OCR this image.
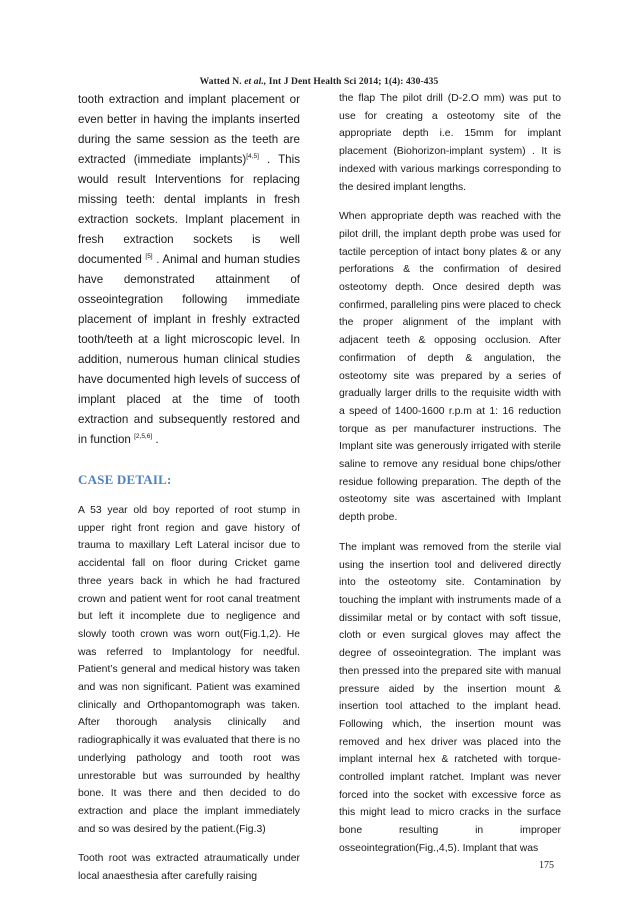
Watted N. et al., Int J Dent Health Sci 2014; 1(4): 430-435

tooth extraction and implant placement or even better in having the implants inserted during the same session as the teeth are extracted (immediate implants)[4,5] . This would result Interventions for replacing missing teeth: dental implants in fresh extraction sockets. Implant placement in fresh extraction sockets is well documented [5] . Animal and human studies have demonstrated attainment of osseointegration following immediate placement of implant in freshly extracted tooth/teeth at a light microscopic level. In addition, numerous human clinical studies have documented high levels of success of implant placed at the time of tooth extraction and subsequently restored and in function [2,5,6] .

CASE DETAIL:

A 53 year old boy reported of root stump in upper right front region and gave history of trauma to maxillary Left Lateral incisor due to accidental fall on floor during Cricket game three years back in which he had fractured crown and patient went for root canal treatment but left it incomplete due to negligence and slowly tooth crown was worn out(Fig.1,2). He was referred to Implantology for needful. Patient’s general and medical history was taken and was non significant. Patient was examined clinically and Orthopantomograph was taken. After thorough analysis clinically and radiographically it was evaluated that there is no underlying pathology and tooth root was unrestorable but was surrounded by healthy bone. It was there and then decided to do extraction and place the implant immediately and so was desired by the patient.(Fig.3)

Tooth root was extracted atraumatically under local anaesthesia after carefully raising

the flap The pilot drill (D-2.O mm) was put to use for creating a osteotomy site of the appropriate depth i.e. 15mm for implant placement (Biohorizon-implant system) . It is indexed with various markings corresponding to the desired implant lengths.

When appropriate depth was reached with the pilot drill, the implant depth probe was used for tactile perception of intact bony plates & or any perforations & the confirmation of desired osteotomy depth. Once desired depth was confirmed, paralleling pins were placed to check the proper alignment of the implant with adjacent teeth & opposing occlusion. After confirmation of depth & angulation, the osteotomy site was prepared by a series of gradually larger drills to the requisite width with a speed of 1400-1600 r.p.m at 1: 16 reduction torque as per manufacturer instructions. The Implant site was generously irrigated with sterile saline to remove any residual bone chips/other residue following preparation. The depth of the osteotomy site was ascertained with Implant depth probe.

The implant was removed from the sterile vial using the insertion tool and delivered directly into the osteotomy site. Contamination by touching the implant with instruments made of a dissimilar metal or by contact with soft tissue, cloth or even surgical gloves may affect the degree of osseointegration. The implant was then pressed into the prepared site with manual pressure aided by the insertion mount & insertion tool attached to the implant head. Following which, the insertion mount was removed and hex driver was placed into the implant internal hex & ratcheted with torque-controlled implant ratchet. Implant was never forced into the socket with excessive force as this might lead to micro cracks in the surface bone resulting in improper osseointegration(Fig.,4,5). Implant that was

175
